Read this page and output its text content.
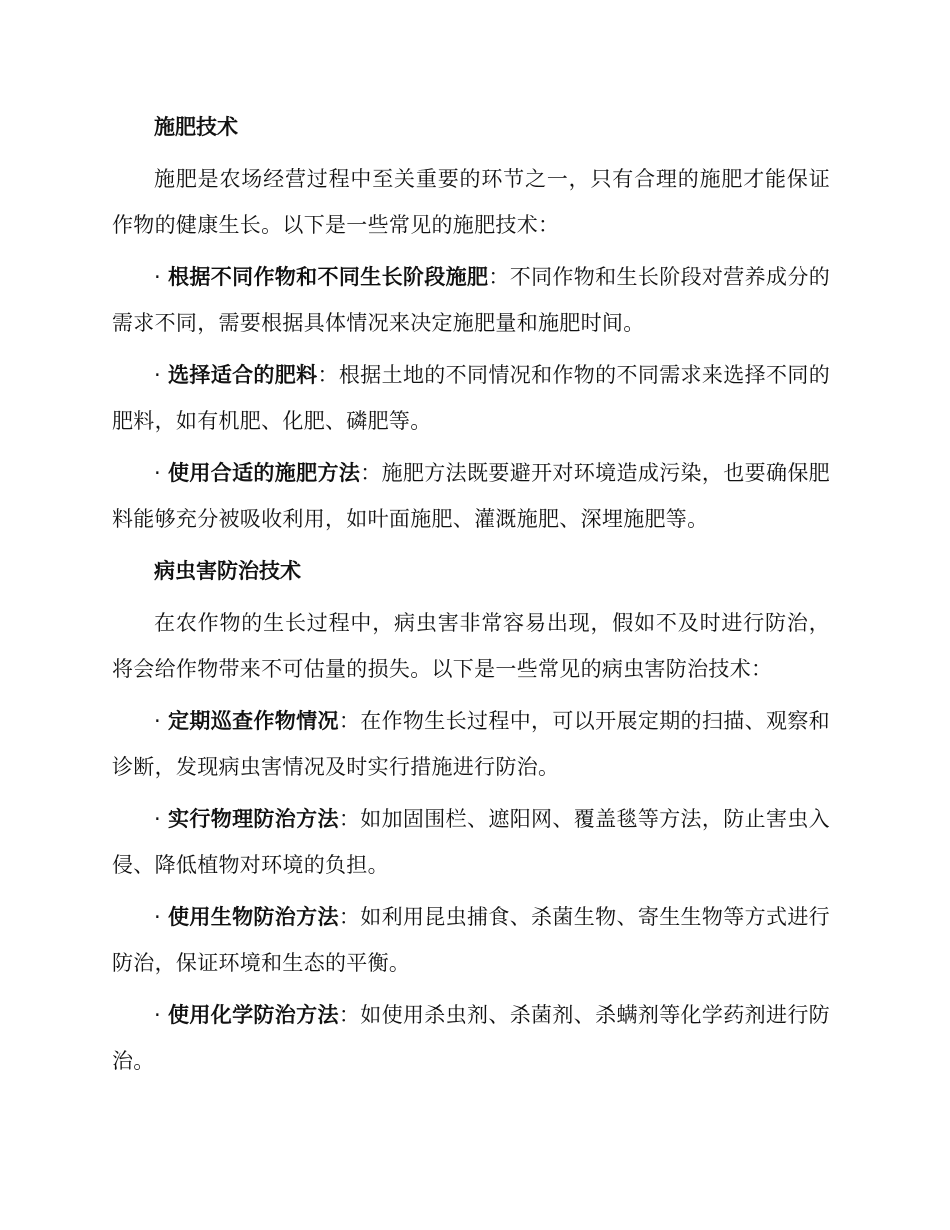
施肥技术
施肥是农场经营过程中至关重要的环节之一，只有合理的施肥才能保证作物的健康生长。以下是一些常见的施肥技术：
· 根据不同作物和不同生长阶段施肥：不同作物和生长阶段对营养成分的需求不同，需要根据具体情况来决定施肥量和施肥时间。
· 选择适合的肥料：根据土地的不同情况和作物的不同需求来选择不同的肥料，如有机肥、化肥、磷肥等。
· 使用合适的施肥方法：施肥方法既要避开对环境造成污染，也要确保肥料能够充分被吸收利用，如叶面施肥、灌溉施肥、深埋施肥等。
病虫害防治技术
在农作物的生长过程中，病虫害非常容易出现，假如不及时进行防治，将会给作物带来不可估量的损失。以下是一些常见的病虫害防治技术：
· 定期巡查作物情况：在作物生长过程中，可以开展定期的扫描、观察和诊断，发现病虫害情况及时实行措施进行防治。
· 实行物理防治方法：如加固围栏、遮阳网、覆盖毯等方法，防止害虫入侵、降低植物对环境的负担。
· 使用生物防治方法：如利用昆虫捕食、杀菌生物、寄生生物等方式进行防治，保证环境和生态的平衡。
· 使用化学防治方法：如使用杀虫剂、杀菌剂、杀螨剂等化学药剂进行防治。
